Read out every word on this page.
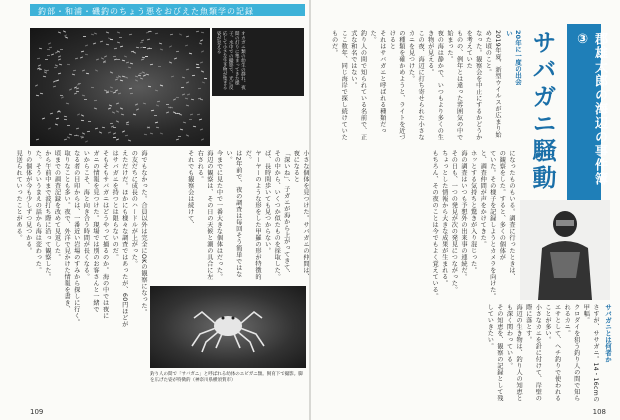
釣部・和浦・磯釣のちょう悪をおびえた魚類学の記録

オカガニ類の幼生の群れ。夜間の灯りに集まってきた様子。水中での撮影で、光に反応して小さな生き物が集まる姿が見える

小さな個体を見つけた。サバガニの仲間は、夜になると

「深いね」、子ガニが海から上がってきて、

その中から、いくつか似たものを採取した。

ば、長時間歩いても見つからない。

ヤーヤーのような形をした甲羅の形が特徴的だ。

は2年前で、夜の調査は毎回そう簡単ではない。

今までに見た中で一番大きな個体はだった。

海辺の観察は、その日の天候と潮の具合に左右される。

それでも観察会は続けて、

海でもなかった。合員以外は完全にOKの観察になった。

の友だちに成長のハードルが上がった。

えただけだ。ほかにも様々な調査ではあったが、60円ほどが

はサバガニを持つとは限らないのだ。

そもそもサバガニはどうやって捕るのか。海の中では夜に

ガニの情報を見つけた。現場では別のお客さんと一緒で

いからこそ、海と向き合う時間が長くなる。

なる者の目印からは、一番近い岩場のすみから探しに行く。

取りなことも多い。夜で、外洋で見かけた情報を書き、

頃までの調査記録を改めて見返した。

から午前中まで波打ち際に沿って観察した。

た。そういうまえの話から海は変わった。

りの個体が今も少しずつ見つかる。

見送られていったことがある。

釣り人の間で「サバガニ」と呼ばれる幼体のエビガニ類。飼育下で撮影。脚を広げた姿が特徴的（神奈川県横須賀市）
109
郡雄太郎の海辺の事件簿③
サバガニ騒動
20年に一度の出会い

2019年夏、新型ウイルスが広まり始めた頃のこと。

なった。観察会を中止にするかどうかを考えていた

ものの、例年とは違った雰囲気の中で始まった。

夜の海は静かで、いつもより多くの生き物が見える。

この夜、海辺に打ち寄せられた小さなカニを見つけた。

の種類を確かめようと、ライトを近づけると

それはサバガニと呼ばれる種類だった。

釣り人の間で知られている名前で、正式な和名ではない。

ここ数年、同じ海岸で探し続けていたものだ。

になったものもいる。調査に行ったときは、

の観察をした。すると、多くの個体が

ていた。その様子を記録しようとカメラを向けた。

と、調査仲間が声をかけてきた。

ホッとする気持ちと驚きが入り混じった。

海の調査はいつも予想外の出来事の連続だ。

その日も、一つの発見が次の発見につながった。

ちょっとした情報から大きな成果が生まれる。

もちろん、その夜のことは今でもよく覚えている。

サバガニとは何者か

さすが、ササガニ。14・16cmの甲幅。

クロダイを狙う釣り人の間で知られるカニ。

エサとして、ヘチ釣りで使われることが多い。

小さなカニを針に付けて、岸壁の際に落とす。

海辺の生き物は、釣り人の知恵とも深く関わっている。

その知恵を、観察の記録として残していきたい。

108
